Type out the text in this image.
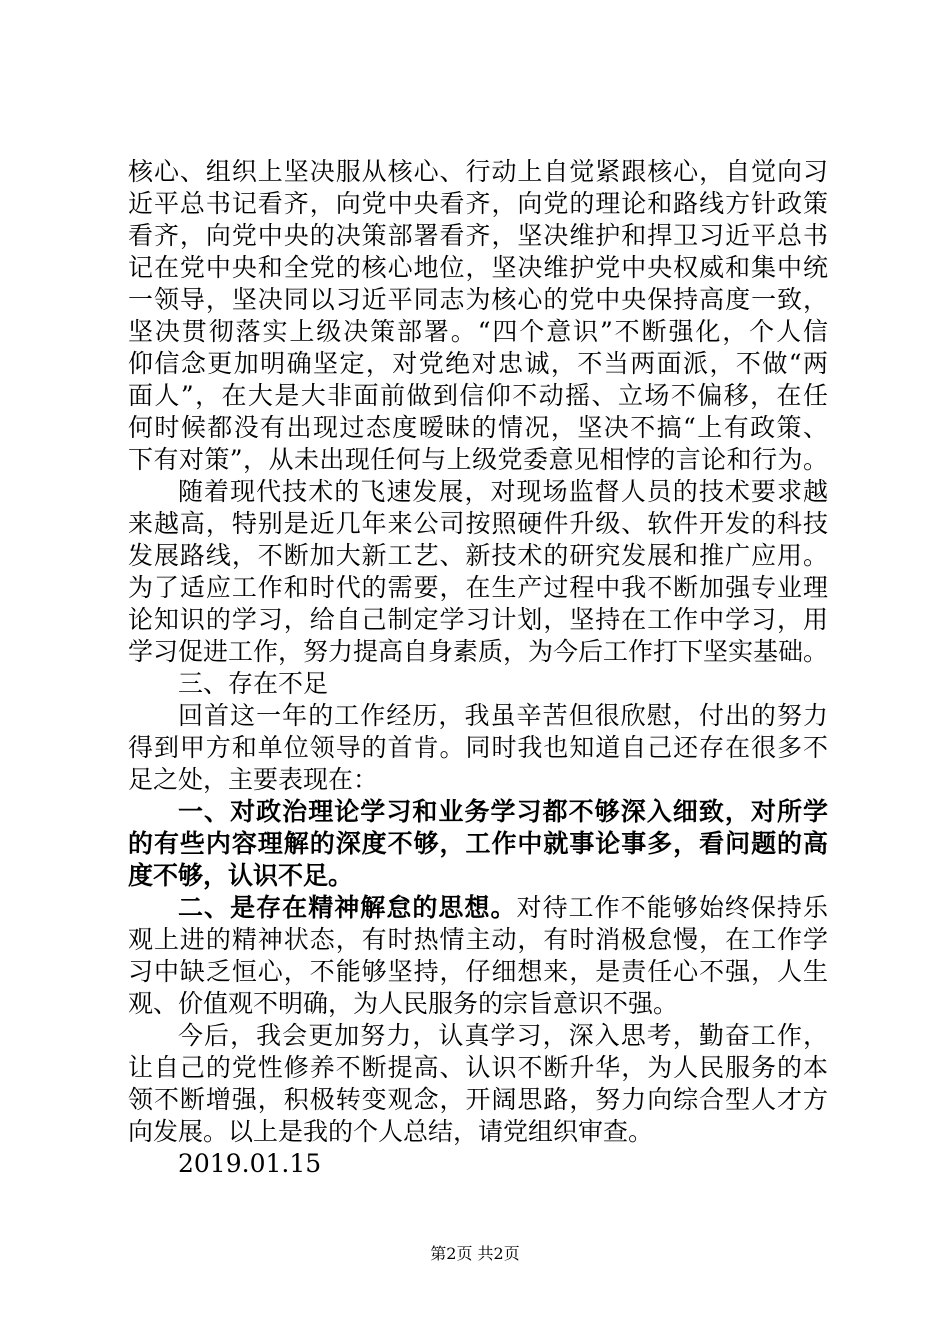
核心、组织上坚决服从核心、行动上自觉紧跟核心，自觉向习
近平总书记看齐，向党中央看齐，向党的理论和路线方针政策
看齐，向党中央的决策部署看齐，坚决维护和捍卫习近平总书
记在党中央和全党的核心地位，坚决维护党中央权威和集中统
一领导，坚决同以习近平同志为核心的党中央保持高度一致，
坚决贯彻落实上级决策部署。“四个意识”不断强化，个人信
仰信念更加明确坚定，对党绝对忠诚，不当两面派，不做“两
面人”，在大是大非面前做到信仰不动摇、立场不偏移，在任
何时候都没有出现过态度暧昧的情况，坚决不搞“上有政策、
下有对策”，从未出现任何与上级党委意见相悖的言论和行为。
随着现代技术的飞速发展，对现场监督人员的技术要求越
来越高，特别是近几年来公司按照硬件升级、软件开发的科技
发展路线，不断加大新工艺、新技术的研究发展和推广应用。
为了适应工作和时代的需要，在生产过程中我不断加强专业理
论知识的学习，给自己制定学习计划，坚持在工作中学习，用
学习促进工作，努力提高自身素质，为今后工作打下坚实基础。
三、存在不足
回首这一年的工作经历，我虽辛苦但很欣慰，付出的努力
得到甲方和单位领导的首肯。同时我也知道自己还存在很多不
足之处，主要表现在：
一、对政治理论学习和业务学习都不够深入细致，对所学
的有些内容理解的深度不够，工作中就事论事多，看问题的高
度不够，认识不足。
二、是存在精神解怠的思想。对待工作不能够始终保持乐
观上进的精神状态，有时热情主动，有时消极怠慢，在工作学
习中缺乏恒心，不能够坚持，仔细想来，是责任心不强，人生
观、价值观不明确，为人民服务的宗旨意识不强。
今后，我会更加努力，认真学习，深入思考，勤奋工作，
让自己的党性修养不断提高、认识不断升华，为人民服务的本
领不断增强，积极转变观念，开阔思路，努力向综合型人才方
向发展。以上是我的个人总结，请党组织审查。
2019.01.15
第2页 共2页
